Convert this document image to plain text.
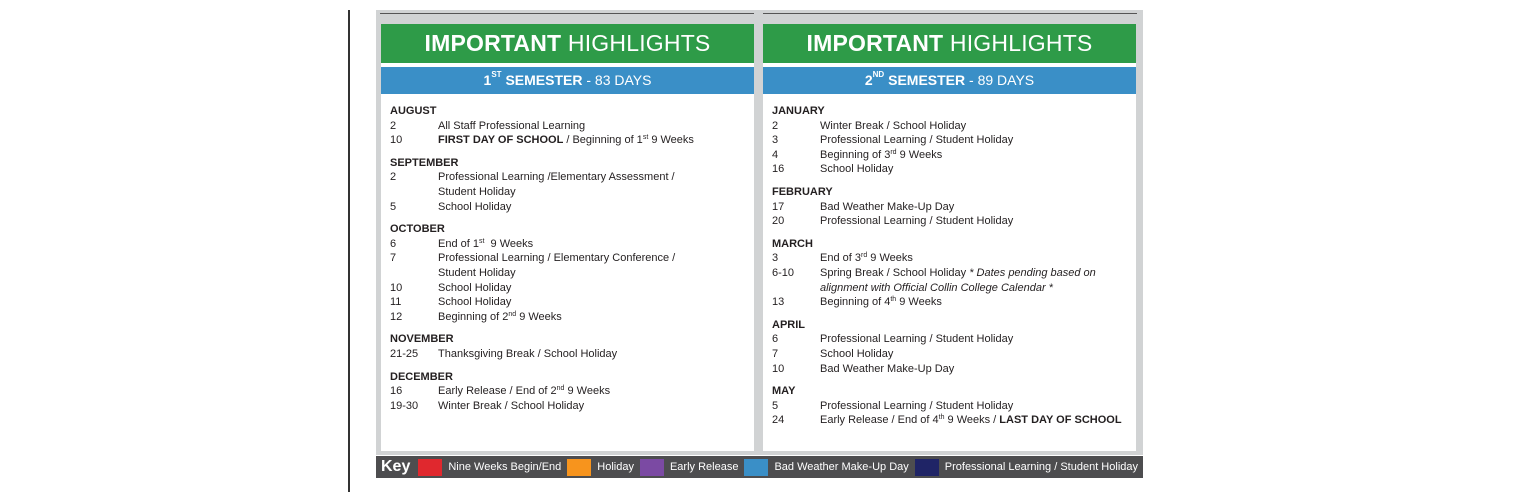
IMPORTANT HIGHLIGHTS
1ST SEMESTER - 83 DAYS
AUGUST
2	All Staff Professional Learning
10	FIRST DAY OF SCHOOL / Beginning of 1st 9 Weeks
SEPTEMBER
2	Professional Learning /Elementary Assessment /
Student Holiday
5	School Holiday
OCTOBER
6	End of 1st  9 Weeks
7	Professional Learning / Elementary Conference /
Student Holiday
10	School Holiday
11	School Holiday
12	Beginning of 2nd 9 Weeks
NOVEMBER
21-25	Thanksgiving Break / School Holiday
DECEMBER
16	Early Release / End of 2nd 9 Weeks
19-30	Winter Break / School Holiday
IMPORTANT HIGHLIGHTS
2ND SEMESTER - 89 DAYS
JANUARY
2	Winter Break / School Holiday
3	Professional Learning / Student Holiday
4	Beginning of 3rd 9 Weeks
16	School Holiday
FEBRUARY
17	Bad Weather Make-Up Day
20	Professional Learning / Student Holiday
MARCH
3	End of 3rd 9 Weeks
6-10	Spring Break / School Holiday * Dates pending based on
alignment with Official Collin College Calendar *
13	Beginning of 4th 9 Weeks
APRIL
6	Professional Learning / Student Holiday
7	School Holiday
10	Bad Weather Make-Up Day
MAY
5	Professional Learning / Student Holiday
24	Early Release / End of 4th 9 Weeks / LAST DAY OF SCHOOL
Key	Nine Weeks Begin/End	Holiday	Early Release	Bad Weather Make-Up Day	Professional Learning / Student Holiday
